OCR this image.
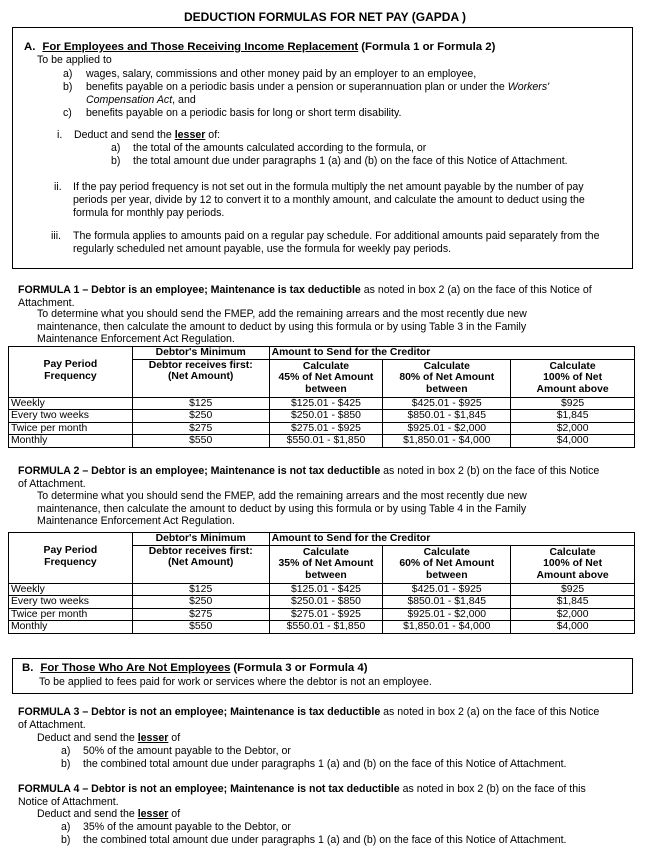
DEDUCTION FORMULAS FOR NET PAY (GAPDA )
A. For Employees and Those Receiving Income Replacement (Formula 1 or Formula 2)
To be applied to
a) wages, salary, commissions and other money paid by an employer to an employee,
b) benefits payable on a periodic basis under a pension or superannuation plan or under the Workers'
Compensation Act, and
c) benefits payable on a periodic basis for long or short term disability.
i. Deduct and send the lesser of:
a) the total of the amounts calculated according to the formula, or
b) the total amount due under paragraphs 1 (a) and (b) on the face of this Notice of Attachment.
ii. If the pay period frequency is not set out in the formula multiply the net amount payable by the number of pay
periods per year, divide by 12 to convert it to a monthly amount, and calculate the amount to deduct using the
formula for monthly pay periods.
iii. The formula applies to amounts paid on a regular pay schedule. For additional amounts paid separately from the
regularly scheduled net amount payable, use the formula for weekly pay periods.
FORMULA 1 – Debtor is an employee; Maintenance is tax deductible as noted in box 2 (a) on the face of this Notice of
Attachment.
To determine what you should send the FMEP, add the remaining arrears and the most recently due new
maintenance, then calculate the amount to deduct by using this formula or by using Table 3 in the Family
Maintenance Enforcement Act Regulation.
Pay Period
Frequency	Debtor's Minimum	Amount to Send for the Creditor		
	Debtor receives first:
(Net Amount)	Calculate
45% of Net Amount
between	Calculate
80% of Net Amount
between	Calculate
100% of Net
Amount above
Weekly	$125	$125.01 - $425	$425.01 - $925	$925
Every two weeks	$250	$250.01 - $850	$850.01 - $1,845	$1,845
Twice per month	$275	$275.01 - $925	$925.01 - $2,000	$2,000
Monthly	$550	$550.01 - $1,850	$1,850.01 - $4,000	$4,000
FORMULA 2 – Debtor is an employee; Maintenance is not tax deductible as noted in box 2 (b) on the face of this Notice
of Attachment.
To determine what you should send the FMEP, add the remaining arrears and the most recently due new
maintenance, then calculate the amount to deduct by using this formula or by using Table 4 in the Family
Maintenance Enforcement Act Regulation.
Pay Period
Frequency	Debtor's Minimum	Amount to Send for the Creditor		
	Debtor receives first:
(Net Amount)	Calculate
35% of Net Amount
between	Calculate
60% of Net Amount
between	Calculate
100% of Net
Amount above
Weekly	$125	$125.01 - $425	$425.01 - $925	$925
Every two weeks	$250	$250.01 - $850	$850.01 - $1,845	$1,845
Twice per month	$275	$275.01 - $925	$925.01 - $2,000	$2,000
Monthly	$550	$550.01 - $1,850	$1,850.01 - $4,000	$4,000
B. For Those Who Are Not Employees (Formula 3 or Formula 4)
To be applied to fees paid for work or services where the debtor is not an employee.
FORMULA 3 – Debtor is not an employee; Maintenance is tax deductible as noted in box 2 (a) on the face of this Notice
of Attachment.
Deduct and send the lesser of
a) 50% of the amount payable to the Debtor, or
b) the combined total amount due under paragraphs 1 (a) and (b) on the face of this Notice of Attachment.
FORMULA 4 – Debtor is not an employee; Maintenance is not tax deductible as noted in box 2 (b) on the face of this
Notice of Attachment.
Deduct and send the lesser of
a) 35% of the amount payable to the Debtor, or
b) the combined total amount due under paragraphs 1 (a) and (b) on the face of this Notice of Attachment.
